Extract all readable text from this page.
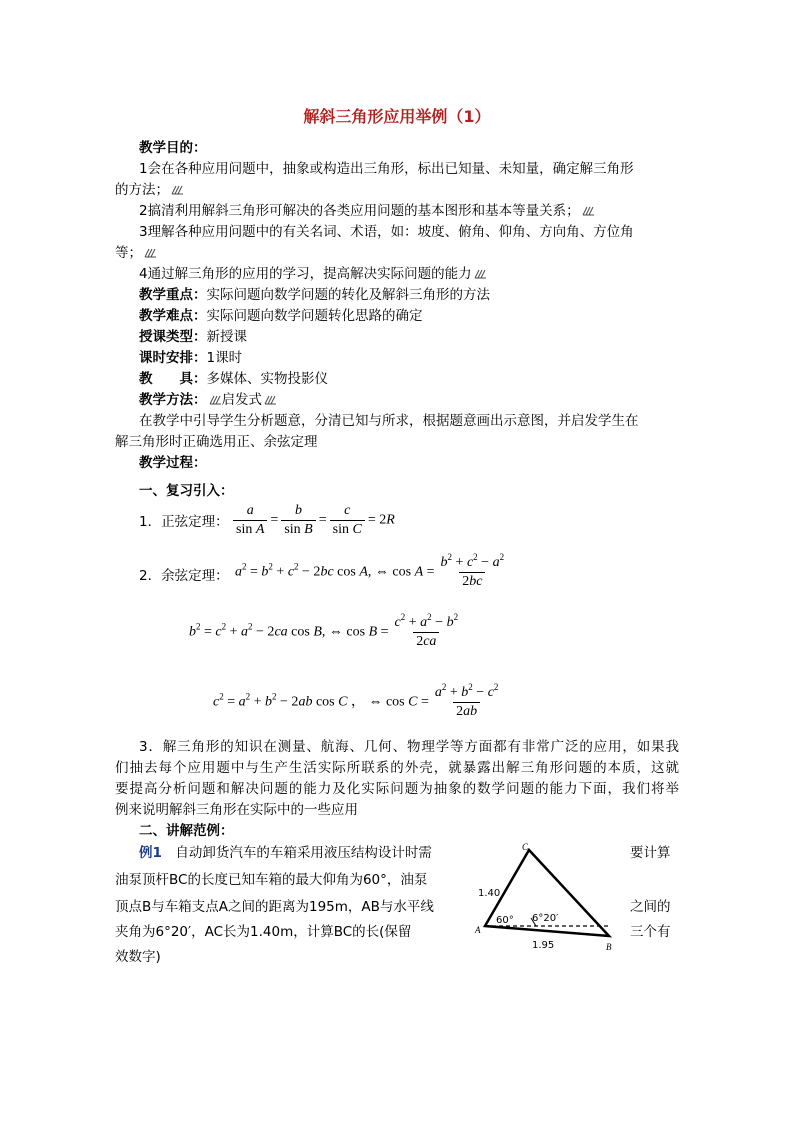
解斜三角形应用举例（1）
教学目的：
1会在各种应用问题中，抽象或构造出三角形，标出已知量、未知量，确定解三角形
的方法；
2搞清利用解斜三角形可解决的各类应用问题的基本图形和基本等量关系；
3理解各种应用问题中的有关名词、术语，如：坡度、俯角、仰角、方向角、方位角
等；
4通过解三角形的应用的学习，提高解决实际问题的能力
教学重点：实际问题向数学问题的转化及解斜三角形的方法
教学难点：实际问题向数学问题转化思路的确定
授课类型：新授课
课时安排：1课时
教　　具：多媒体、实物投影仪
教学方法： 启发式
在教学中引导学生分析题意，分清已知与所求，根据题意画出示意图，并启发学生在
解三角形时正确选用正、余弦定理
教学过程：
一、复习引入：
1．正弦定理： $\frac{a}{\text{sin A}} = \frac{b}{\text{sin B}} = \frac{c}{\text{sin C}} = 2R$
2．余弦定理： $a^2 = b^2 + c^2 - 2bc$ cos A, ⇔ $\cos A = \frac{b^2 + c^2 - a^2}{2bc}$
$b^2 = c^2 + a^2 - 2ca$ cos B, ⇔ $\cos B = \frac{c^2 + a^2 - b^2}{2ca}$
$c^2 = a^2 + b^2 - 2ab$ cos C ， ⇔ $\cos C = \frac{a^2 + b^2 - c^2}{2ab}$
3．解三角形的知识在测量、航海、几何、物理学等方面都有非常广泛的应用，如果我
们抽去每个应用题中与生产生活实际所联系的外壳，就暴露出解三角形问题的本质，这就
要提高分析问题和解决问题的能力及化实际问题为抽象的数学问题的能力下面，我们将举
例来说明解斜三角形在实际中的一些应用
二、讲解范例：
例1　 自动卸货汽车的车箱采用液压结构设计时需	要计算
油泵顶杆BC的长度已知车箱的最大仰角为60°，油泵
顶点B与车箱支点A之间的距离为195m，AB与水平线	之间的
夹角为6°20′，AC长为1.40m，计算BC的长(保留	三个有
效数字)
A
B
C
1.40
1.95
60° 6°20′
